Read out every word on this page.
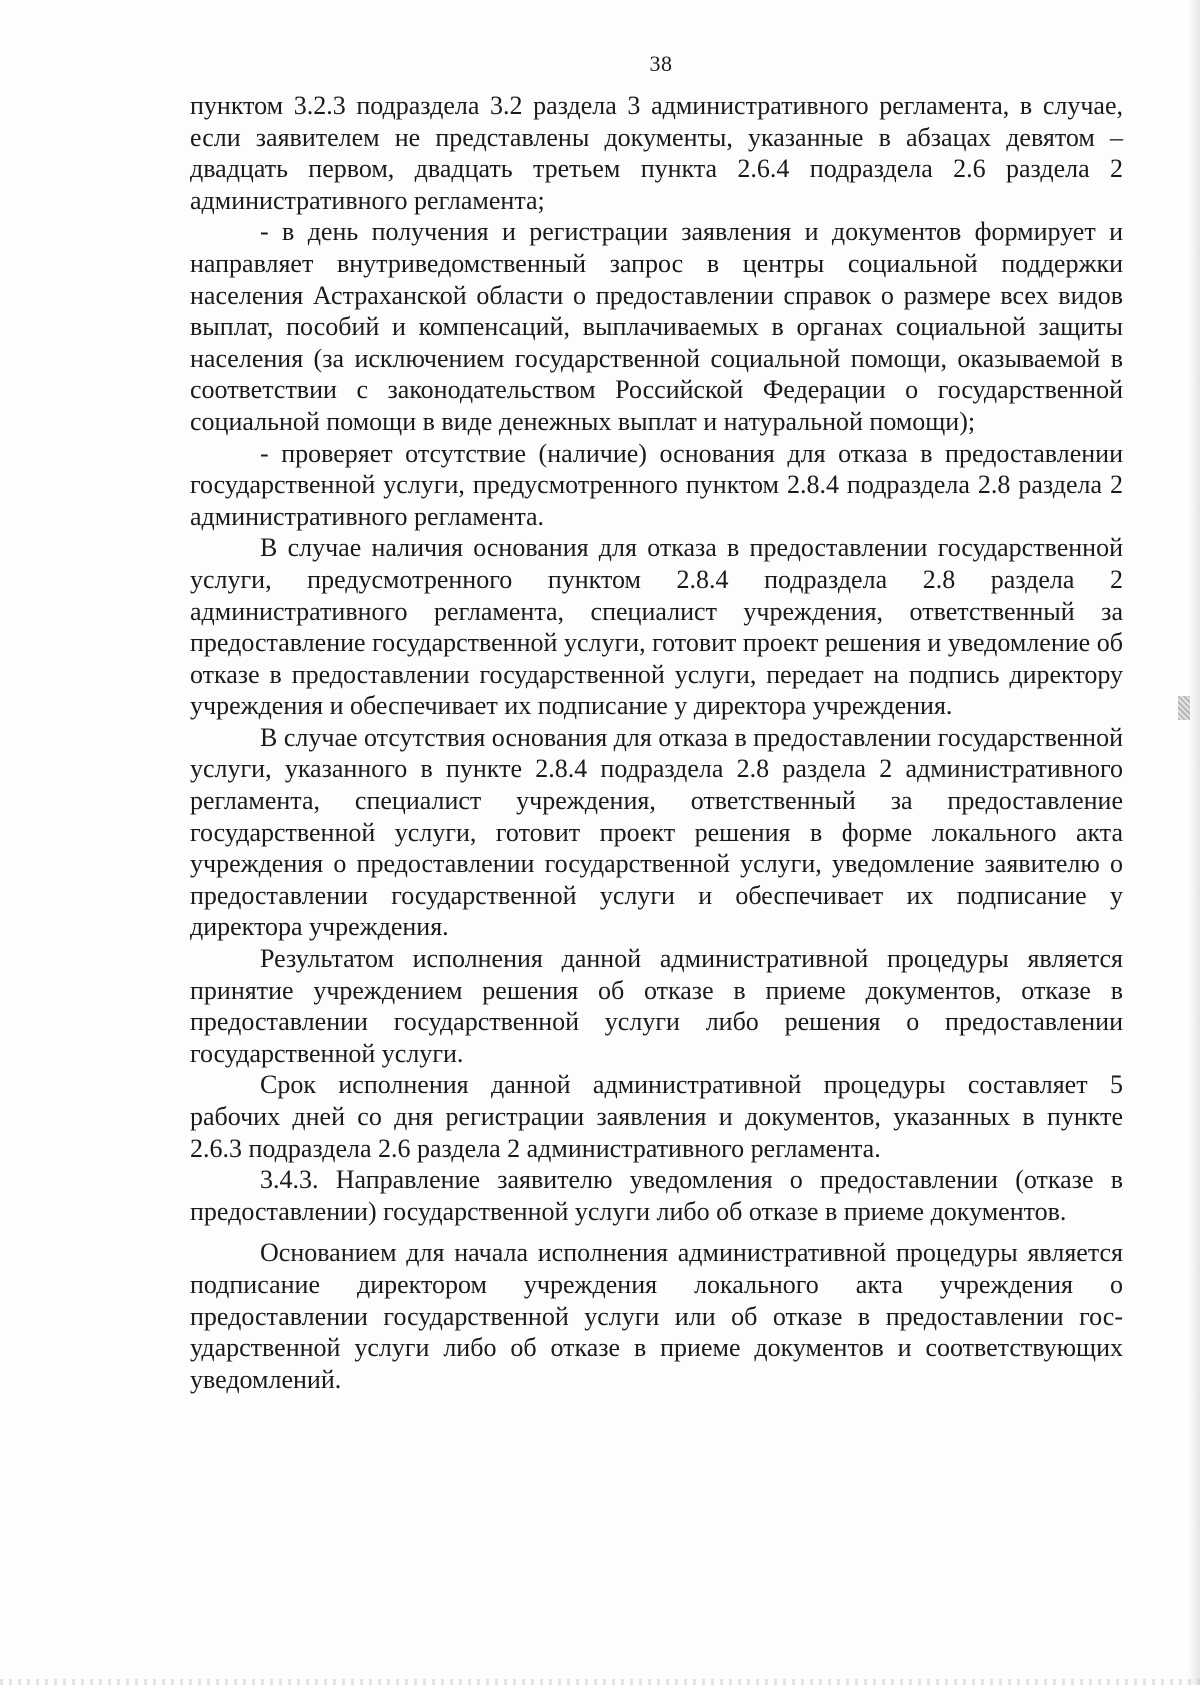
38

пунктом 3.2.3 подраздела 3.2 раздела 3 административного регламента, в случае, если заявителем не представлены документы, указанные в абзацах девятом – двадцать первом, двадцать третьем пункта 2.6.4 подраздела 2.6 раздела 2 административного регламента;

- в день получения и регистрации заявления и документов формирует и направляет внутриведомственный запрос в центры социальной поддержки населения Астраханской области о предоставлении справок о размере всех видов выплат, пособий и компенсаций, выплачиваемых в органах социальной защиты населения (за исключением государственной социальной помощи, оказываемой в соответствии с законодательством Российской Федерации о государственной социальной помощи в виде денежных выплат и натуральной помощи);

- проверяет отсутствие (наличие) основания для отказа в предоставлении государственной услуги, предусмотренного пунктом 2.8.4 подраздела 2.8 раздела 2 административного регламента.

В случае наличия основания для отказа в предоставлении государственной услуги, предусмотренного пунктом 2.8.4 подраздела 2.8 раздела 2 административного регламента, специалист учреждения, ответственный за предоставление государственной услуги, готовит проект решения и уведомление об отказе в предоставлении государственной услуги, передает на подпись директору учреждения и обеспечивает их подписание у директора учреждения.

В случае отсутствия основания для отказа в предоставлении государственной услуги, указанного в пункте 2.8.4 подраздела 2.8 раздела 2 административного регламента, специалист учреждения, ответственный за предоставление государственной услуги, готовит проект решения в форме локального акта учреждения о предоставлении государственной услуги, уведомление заявителю о предоставлении государственной услуги и обеспечивает их подписание у директора учреждения.

Результатом исполнения данной административной процедуры является принятие учреждением решения об отказе в приеме документов, отказе в предоставлении государственной услуги либо решения о предоставлении государственной услуги.

Срок исполнения данной административной процедуры составляет 5 рабочих дней со дня регистрации заявления и документов, указанных в пункте 2.6.3 подраздела 2.6 раздела 2 административного регламента.

3.4.3. Направление заявителю уведомления о предоставлении (отказе в предоставлении) государственной услуги либо об отказе в приеме документов.

Основанием для начала исполнения административной процедуры является подписание директором учреждения локального акта учреждения о предоставлении государственной услуги или об отказе в предоставлении государственной услуги либо об отказе в приеме документов и соответствующих уведомлений.
